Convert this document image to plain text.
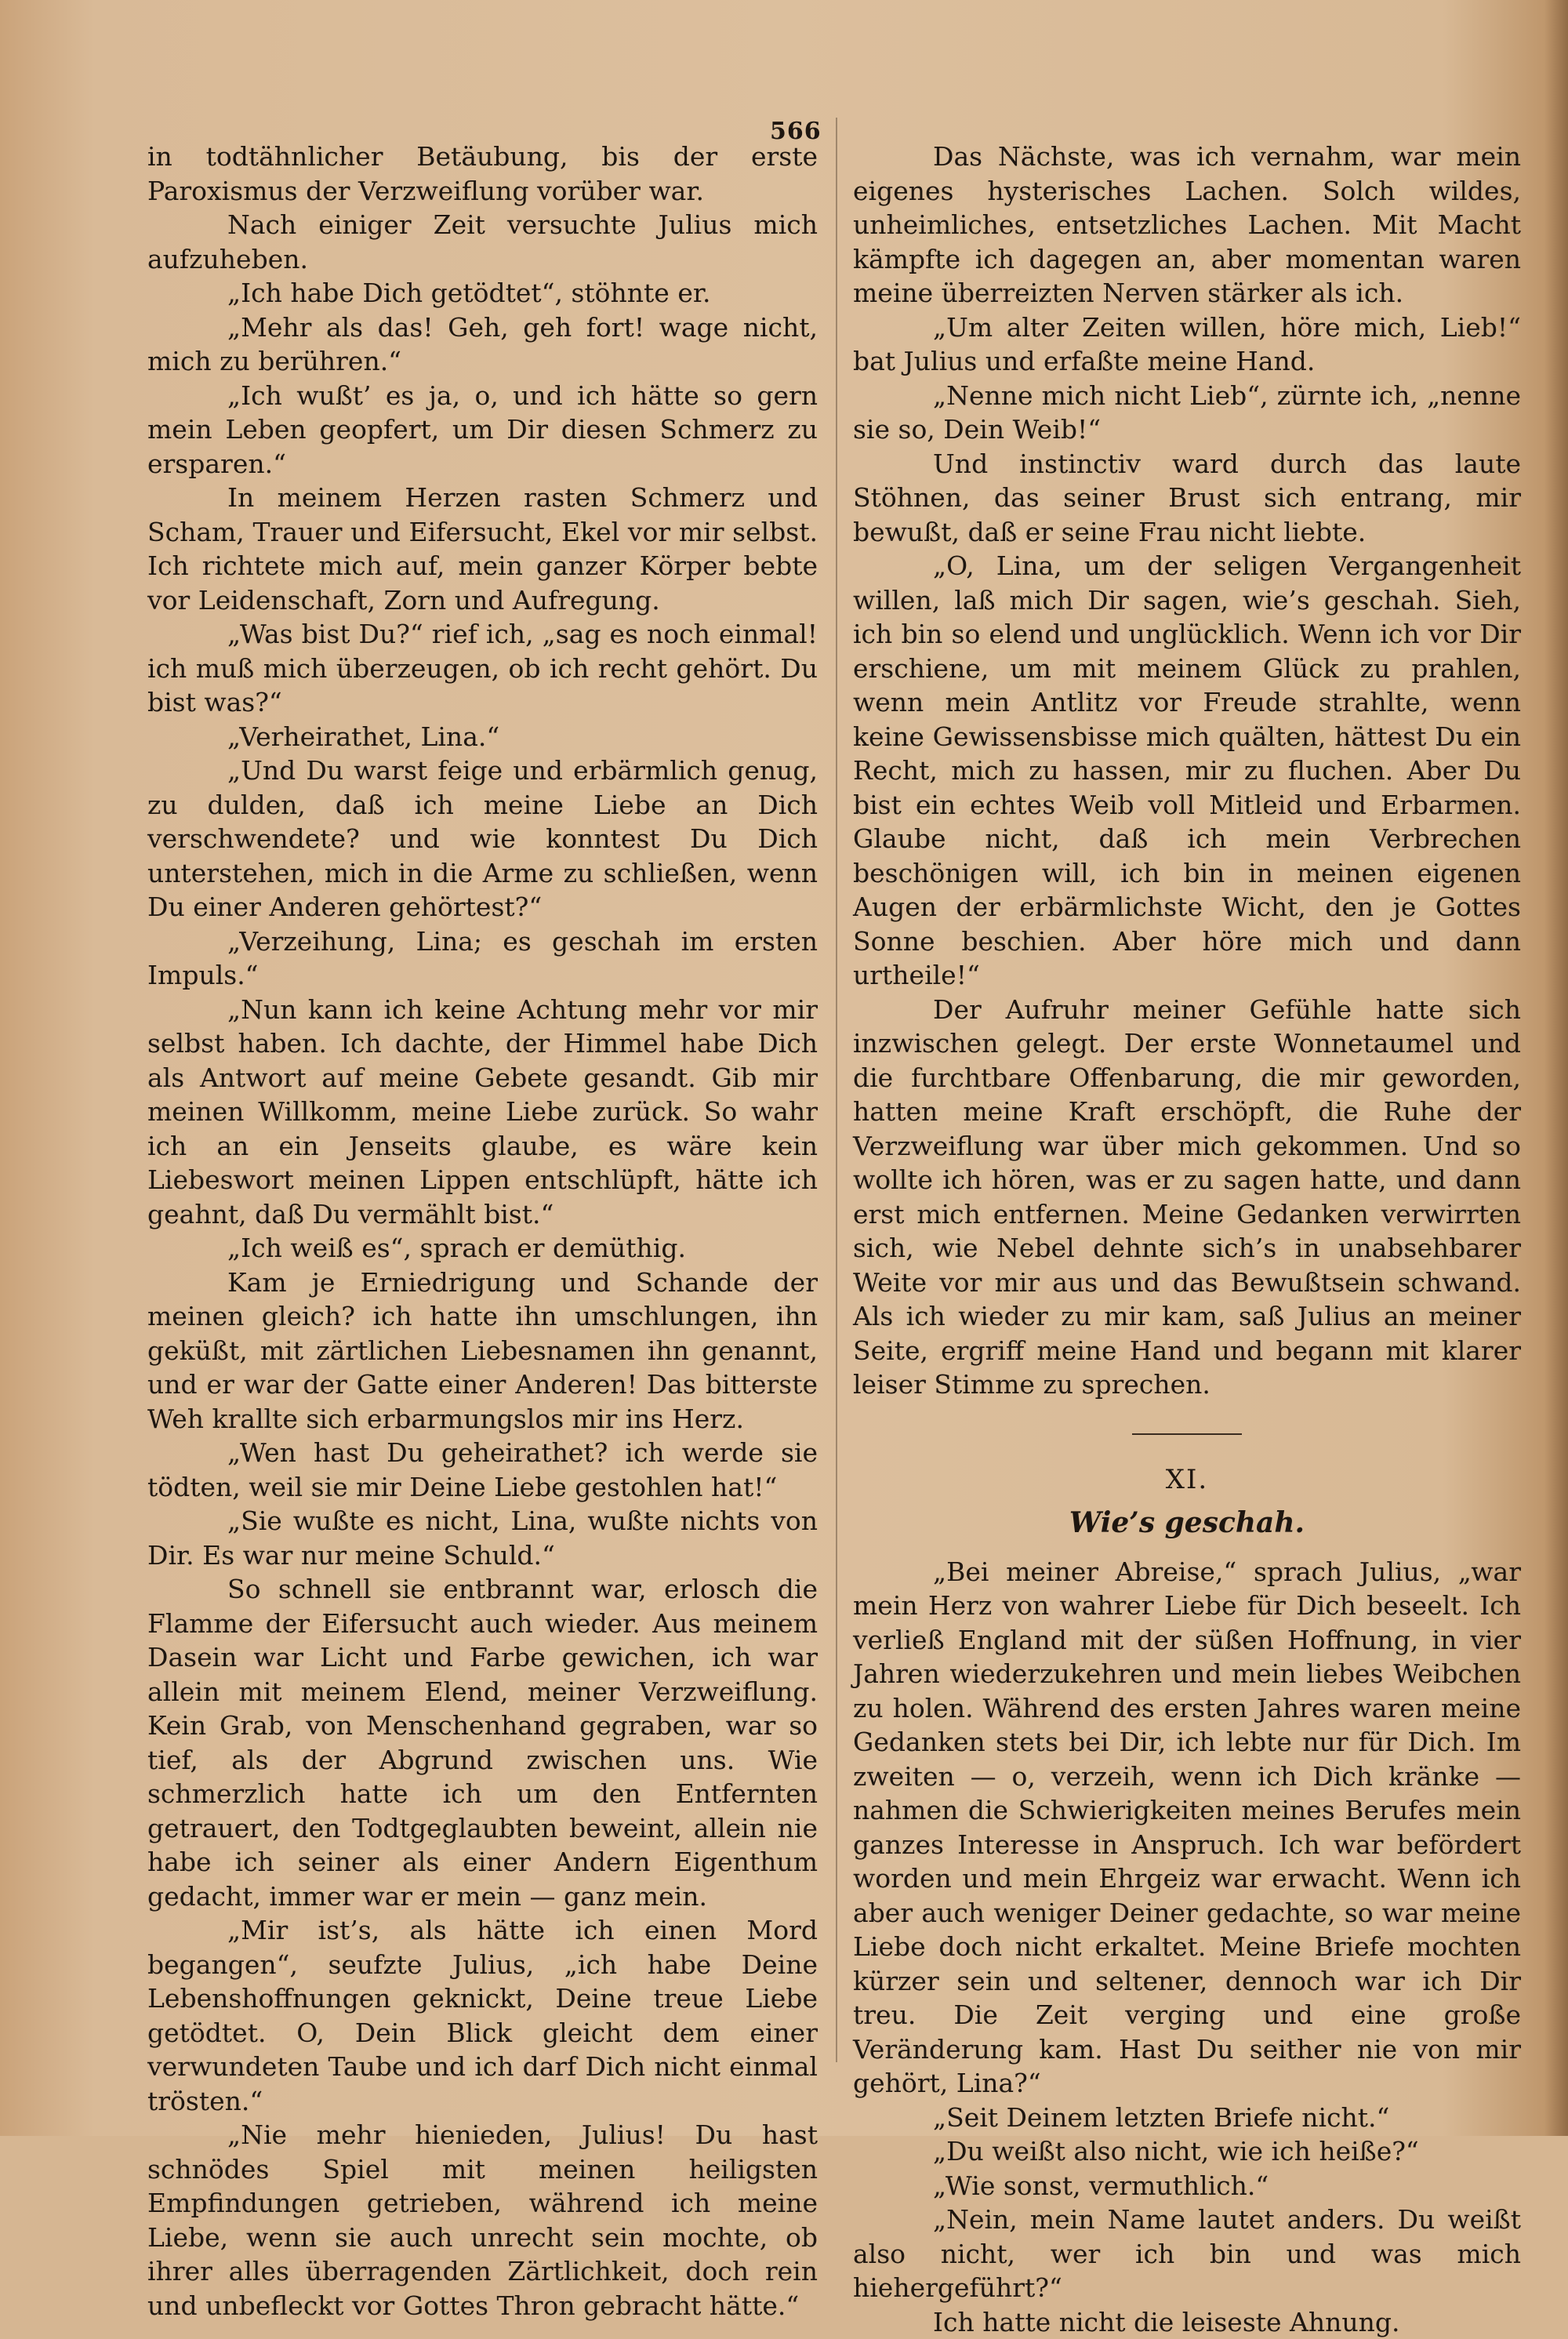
566

in todtähnlicher Betäubung, bis der erste Paroxismus der Verzweiflung vorüber war.

Nach einiger Zeit versuchte Julius mich aufzuheben.

„Ich habe Dich getödtet“, stöhnte er.

„Mehr als das! Geh, geh fort! wage nicht, mich zu berühren.“

„Ich wußt’ es ja, o, und ich hätte so gern mein Leben geopfert, um Dir diesen Schmerz zu ersparen.“

In meinem Herzen rasten Schmerz und Scham, Trauer und Eifersucht, Ekel vor mir selbst. Ich richtete mich auf, mein ganzer Körper bebte vor Leidenschaft, Zorn und Aufregung.

„Was bist Du?“ rief ich, „sag es noch einmal! ich muß mich überzeugen, ob ich recht gehört. Du bist was?“

„Verheirathet, Lina.“

„Und Du warst feige und erbärmlich genug, zu dulden, daß ich meine Liebe an Dich verschwendete? und wie konntest Du Dich unterstehen, mich in die Arme zu schließen, wenn Du einer Anderen gehörtest?“

„Verzeihung, Lina; es geschah im ersten Impuls.“

„Nun kann ich keine Achtung mehr vor mir selbst haben. Ich dachte, der Himmel habe Dich als Antwort auf meine Gebete gesandt. Gib mir meinen Willkomm, meine Liebe zurück. So wahr ich an ein Jenseits glaube, es wäre kein Liebeswort meinen Lippen entschlüpft, hätte ich geahnt, daß Du vermählt bist.“

„Ich weiß es“, sprach er demüthig.

Kam je Erniedrigung und Schande der meinen gleich? ich hatte ihn umschlungen, ihn geküßt, mit zärtlichen Liebesnamen ihn genannt, und er war der Gatte einer Anderen! Das bitterste Weh krallte sich erbarmungslos mir ins Herz.

„Wen hast Du geheirathet? ich werde sie tödten, weil sie mir Deine Liebe gestohlen hat!“

„Sie wußte es nicht, Lina, wußte nichts von Dir. Es war nur meine Schuld.“

So schnell sie entbrannt war, erlosch die Flamme der Eifersucht auch wieder. Aus meinem Dasein war Licht und Farbe gewichen, ich war allein mit meinem Elend, meiner Verzweiflung. Kein Grab, von Menschenhand gegraben, war so tief, als der Abgrund zwischen uns. Wie schmerzlich hatte ich um den Entfernten getrauert, den Todtgeglaubten beweint, allein nie habe ich seiner als einer Andern Eigenthum gedacht, immer war er mein — ganz mein.

„Mir ist’s, als hätte ich einen Mord begangen“, seufzte Julius, „ich habe Deine Lebenshoffnungen geknickt, Deine treue Liebe getödtet. O, Dein Blick gleicht dem einer verwundeten Taube und ich darf Dich nicht einmal trösten.“

„Nie mehr hienieden, Julius! Du hast schnödes Spiel mit meinen heiligsten Empfindungen getrieben, während ich meine Liebe, wenn sie auch unrecht sein mochte, ob ihrer alles überragenden Zärtlichkeit, doch rein und unbefleckt vor Gottes Thron gebracht hätte.“

Das Nächste, was ich vernahm, war mein eigenes hysterisches Lachen. Solch wildes, unheimliches, entsetzliches Lachen. Mit Macht kämpfte ich dagegen an, aber momentan waren meine überreizten Nerven stärker als ich.

„Um alter Zeiten willen, höre mich, Lieb!“ bat Julius und erfaßte meine Hand.

„Nenne mich nicht Lieb“, zürnte ich, „nenne sie so, Dein Weib!“

Und instinctiv ward durch das laute Stöhnen, das seiner Brust sich entrang, mir bewußt, daß er seine Frau nicht liebte.

„O, Lina, um der seligen Vergangenheit willen, laß mich Dir sagen, wie’s geschah. Sieh, ich bin so elend und unglücklich. Wenn ich vor Dir erschiene, um mit meinem Glück zu prahlen, wenn mein Antlitz vor Freude strahlte, wenn keine Gewissensbisse mich quälten, hättest Du ein Recht, mich zu hassen, mir zu fluchen. Aber Du bist ein echtes Weib voll Mitleid und Erbarmen. Glaube nicht, daß ich mein Verbrechen beschönigen will, ich bin in meinen eigenen Augen der erbärmlichste Wicht, den je Gottes Sonne beschien. Aber höre mich und dann urtheile!“

Der Aufruhr meiner Gefühle hatte sich inzwischen gelegt. Der erste Wonnetaumel und die furchtbare Offenbarung, die mir geworden, hatten meine Kraft erschöpft, die Ruhe der Verzweiflung war über mich gekommen. Und so wollte ich hören, was er zu sagen hatte, und dann erst mich entfernen. Meine Gedanken verwirrten sich, wie Nebel dehnte sich’s in unabsehbarer Weite vor mir aus und das Bewußtsein schwand. Als ich wieder zu mir kam, saß Julius an meiner Seite, ergriff meine Hand und begann mit klarer leiser Stimme zu sprechen.

XI.
Wie’s geschah.

„Bei meiner Abreise,“ sprach Julius, „war mein Herz von wahrer Liebe für Dich beseelt. Ich verließ England mit der süßen Hoffnung, in vier Jahren wiederzukehren und mein liebes Weibchen zu holen. Während des ersten Jahres waren meine Gedanken stets bei Dir, ich lebte nur für Dich. Im zweiten — o, verzeih, wenn ich Dich kränke — nahmen die Schwierigkeiten meines Berufes mein ganzes Interesse in Anspruch. Ich war befördert worden und mein Ehrgeiz war erwacht. Wenn ich aber auch weniger Deiner gedachte, so war meine Liebe doch nicht erkaltet. Meine Briefe mochten kürzer sein und seltener, dennoch war ich Dir treu. Die Zeit verging und eine große Veränderung kam. Hast Du seither nie von mir gehört, Lina?“

„Seit Deinem letzten Briefe nicht.“

„Du weißt also nicht, wie ich heiße?“

„Wie sonst, vermuthlich.“

„Nein, mein Name lautet anders. Du weißt also nicht, wer ich bin und was mich hiehergeführt?“

Ich hatte nicht die leiseste Ahnung.
